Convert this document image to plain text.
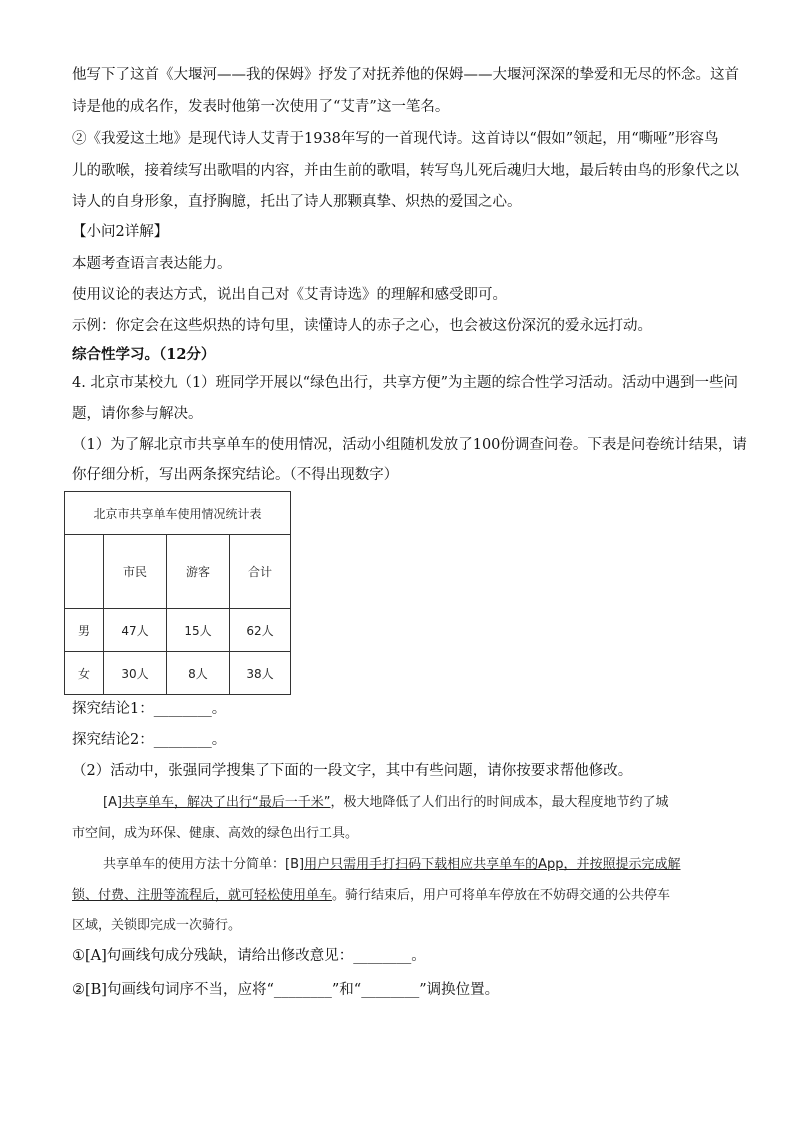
他写下了这首《大堰河——我的保姆》抒发了对抚养他的保姆——大堰河深深的挚爱和无尽的怀念。这首
诗是他的成名作，发表时他第一次使用了“艾青”这一笔名。
②《我爱这土地》是现代诗人艾青于1938年写的一首现代诗。这首诗以“假如”领起，用“嘶哑”形容鸟
儿的歌喉，接着续写出歌唱的内容，并由生前的歌唱，转写鸟儿死后魂归大地，最后转由鸟的形象代之以
诗人的自身形象，直抒胸臆，托出了诗人那颗真挚、炽热的爱国之心。
【小问2详解】
本题考查语言表达能力。
使用议论的表达方式，说出自己对《艾青诗选》的理解和感受即可。
示例：你定会在这些炽热的诗句里，读懂诗人的赤子之心，也会被这份深沉的爱永远打动。
综合性学习。（12分）
4. 北京市某校九（1）班同学开展以“绿色出行，共享方便”为主题的综合性学习活动。活动中遇到一些问
题，请你参与解决。
（1）为了解北京市共享单车的使用情况，活动小组随机发放了100份调查问卷。下表是问卷统计结果，请
你仔细分析，写出两条探究结论。（不得出现数字）
北京市共享单车使用情况统计表			
	市民	游客	合计
男	47人	15人	62人
女	30人	8人	38人
探究结论1：________。
探究结论2：________。
（2）活动中，张强同学搜集了下面的一段文字，其中有些问题，请你按要求帮他修改。
[A]共享单车，解决了出行“最后一千米”，极大地降低了人们出行的时间成本，最大程度地节约了城
市空间，成为环保、健康、高效的绿色出行工具。
共享单车的使用方法十分简单：[B]用户只需用手打扫码下载相应共享单车的App，并按照提示完成解
锁、付费、注册等流程后，就可轻松使用单车。骑行结束后，用户可将单车停放在不妨碍交通的公共停车
区域，关锁即完成一次骑行。
①[A]句画线句成分残缺，请给出修改意见：________。
②[B]句画线句词序不当，应将“________”和“________”调换位置。
